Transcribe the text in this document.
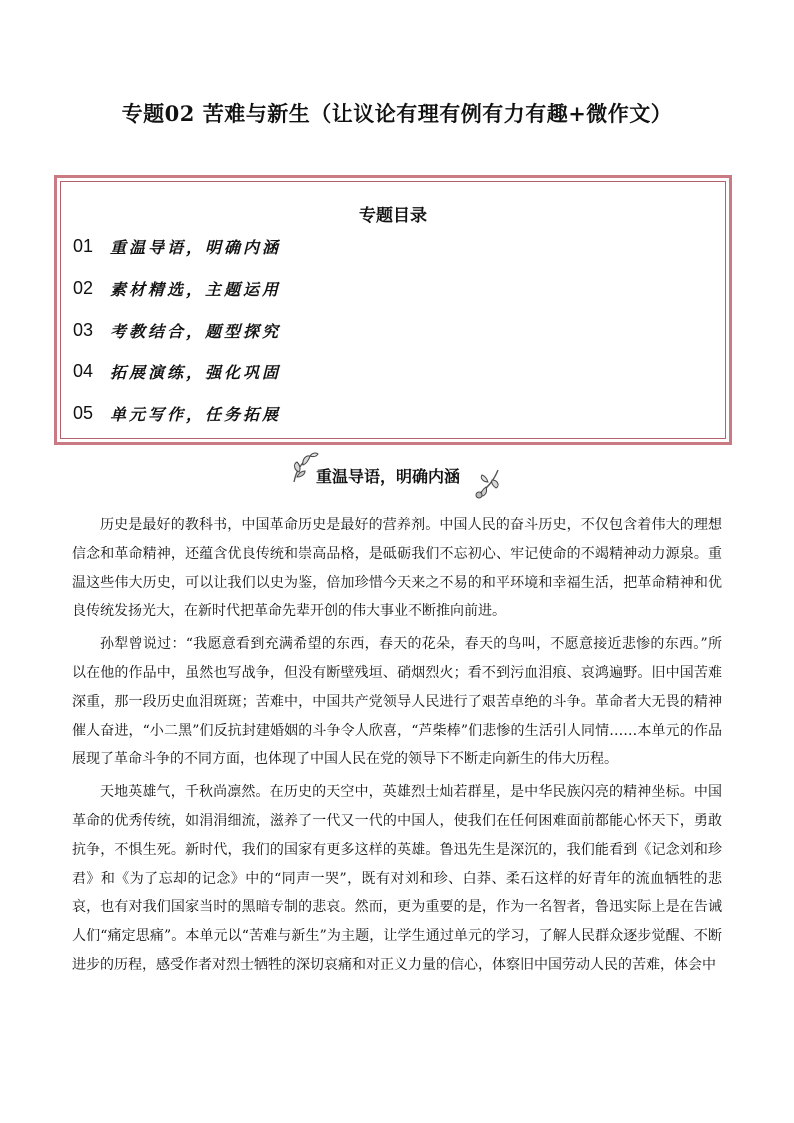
专题02 苦难与新生（让议论有理有例有力有趣+微作文）
专题目录
01	重温导语，明确内涵
02	素材精选，主题运用
03	考教结合，题型探究
04	拓展演练，强化巩固
05	单元写作，任务拓展
重温导语，明确内涵

历史是最好的教科书，中国革命历史是最好的营养剂。中国人民的奋斗历史，不仅包含着伟大的理想信念和革命精神，还蕴含优良传统和崇高品格，是砥砺我们不忘初心、牢记使命的不竭精神动力源泉。重温这些伟大历史，可以让我们以史为鉴，倍加珍惜今天来之不易的和平环境和幸福生活，把革命精神和优良传统发扬光大，在新时代把革命先辈开创的伟大事业不断推向前进。

孙犁曾说过：“我愿意看到充满希望的东西，春天的花朵，春天的鸟叫，不愿意接近悲惨的东西。”所以在他的作品中，虽然也写战争，但没有断壁残垣、硝烟烈火；看不到污血泪痕、哀鸿遍野。旧中国苦难深重，那一段历史血泪斑斑；苦难中，中国共产党领导人民进行了艰苦卓绝的斗争。革命者大无畏的精神催人奋进，“小二黑”们反抗封建婚姻的斗争令人欣喜，“芦柴棒”们悲惨的生活引人同情……本单元的作品展现了革命斗争的不同方面，也体现了中国人民在党的领导下不断走向新生的伟大历程。

天地英雄气，千秋尚凛然。在历史的天空中，英雄烈士灿若群星，是中华民族闪亮的精神坐标。中国革命的优秀传统，如涓涓细流，滋养了一代又一代的中国人，使我们在任何困难面前都能心怀天下，勇敢抗争，不惧生死。新时代，我们的国家有更多这样的英雄。鲁迅先生是深沉的，我们能看到《记念刘和珍君》和《为了忘却的记念》中的“同声一哭”，既有对刘和珍、白莽、柔石这样的好青年的流血牺牲的悲哀，也有对我们国家当时的黑暗专制的悲哀。然而，更为重要的是，作为一名智者，鲁迅实际上是在告诫人们“痛定思痛”。本单元以“苦难与新生”为主题，让学生通过单元的学习，了解人民群众逐步觉醒、不断进步的历程，感受作者对烈士牺牲的深切哀痛和对正义力量的信心，体察旧中国劳动人民的苦难，体会中
